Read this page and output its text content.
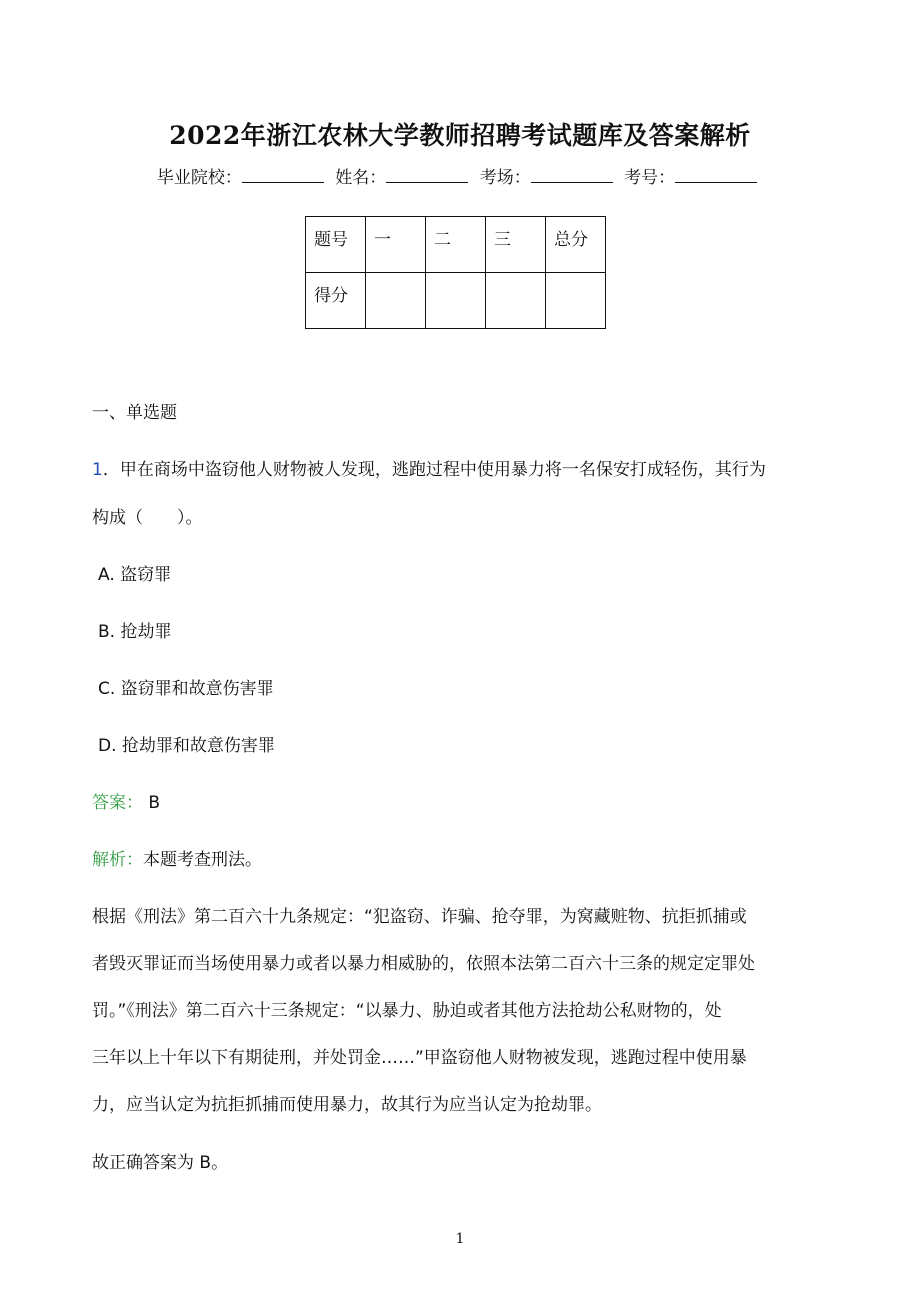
2022年浙江农林大学教师招聘考试题库及答案解析
毕业院校：	姓名：	考场：	考号：
题号	一	二	三	总分
得分				
一、单选题
1．甲在商场中盗窃他人财物被人发现，逃跑过程中使用暴力将一名保安打成轻伤，其行为
构成（　　）。
A. 盗窃罪
B. 抢劫罪
C. 盗窃罪和故意伤害罪
D. 抢劫罪和故意伤害罪
答案： B
解析：本题考查刑法。
根据《刑法》第二百六十九条规定：“犯盗窃、诈骗、抢夺罪，为窝藏赃物、抗拒抓捕或
者毁灭罪证而当场使用暴力或者以暴力相威胁的，依照本法第二百六十三条的规定定罪处
罚。”《刑法》第二百六十三条规定：“以暴力、胁迫或者其他方法抢劫公私财物的，处
三年以上十年以下有期徒刑，并处罚金……”甲盗窃他人财物被发现，逃跑过程中使用暴
力，应当认定为抗拒抓捕而使用暴力，故其行为应当认定为抢劫罪。
故正确答案为 B。
1
